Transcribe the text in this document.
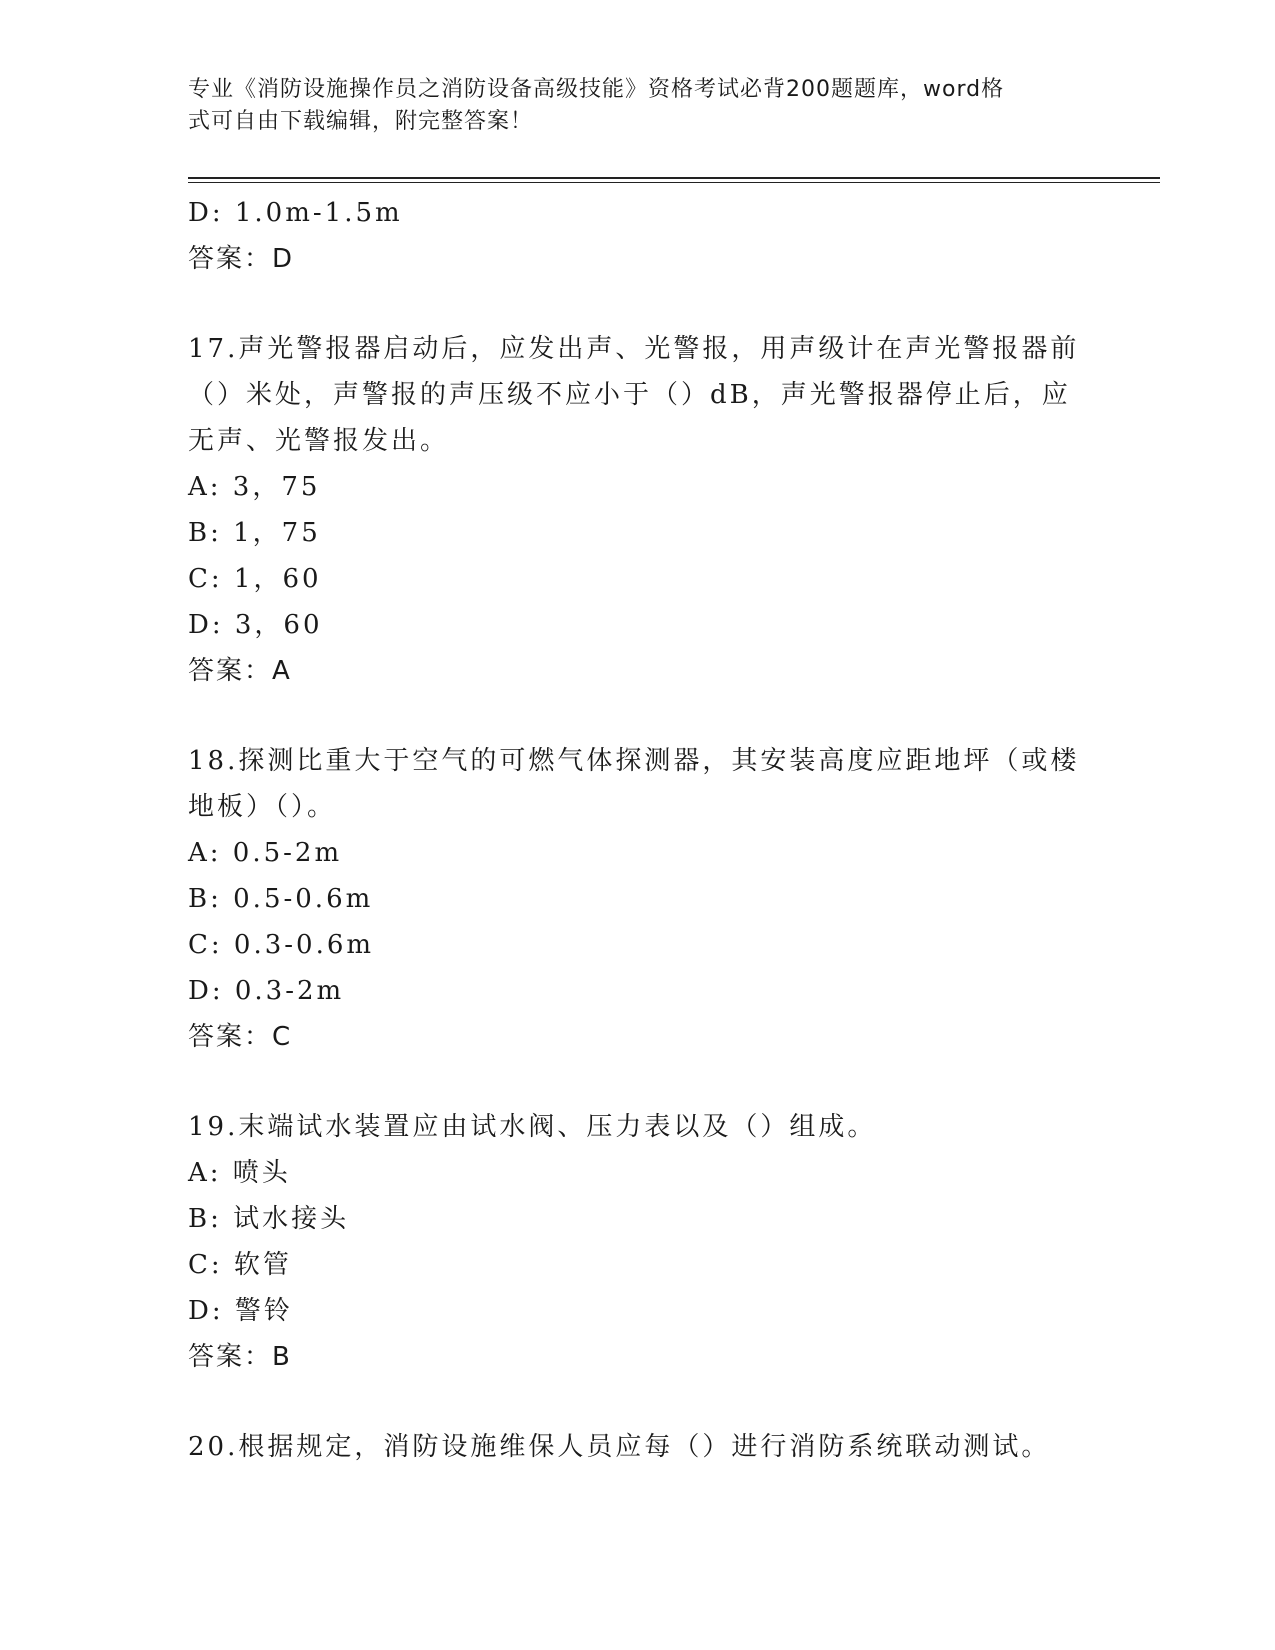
专业《消防设施操作员之消防设备高级技能》资格考试必背200题题库，word格
式可自由下载编辑，附完整答案！
D: 1.0m-1.5m
答案：D
17.声光警报器启动后，应发出声、光警报，用声级计在声光警报器前
（）米处，声警报的声压级不应小于（）dB，声光警报器停止后，应
无声、光警报发出。
A: 3，75
B: 1，75
C: 1，60
D: 3，60
答案：A
18.探测比重大于空气的可燃气体探测器，其安装高度应距地坪（或楼
地板）（）。
A: 0.5-2m
B: 0.5-0.6m
C: 0.3-0.6m
D: 0.3-2m
答案：C
19.末端试水装置应由试水阀、压力表以及（）组成。
A: 喷头
B: 试水接头
C: 软管
D: 警铃
答案：B
20.根据规定，消防设施维保人员应每（）进行消防系统联动测试。
